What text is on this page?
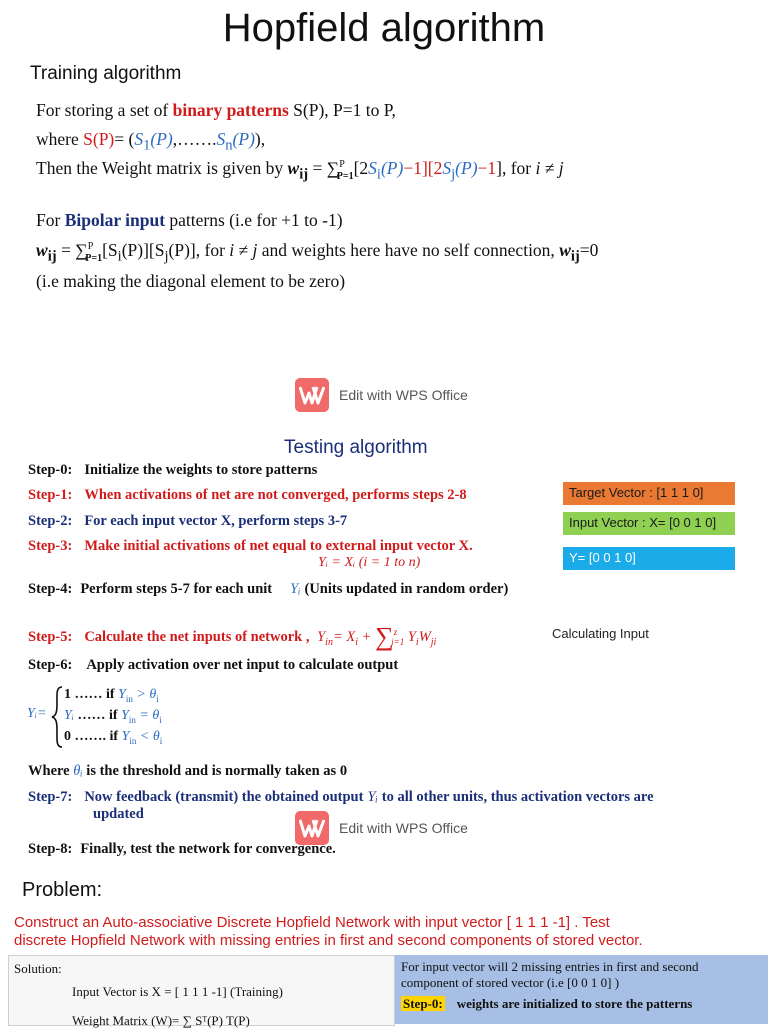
Hopfield algorithm
Training algorithm
For storing a set of binary patterns S(P), P=1 to P,
where $S(P)= (S_1(P),\dots\dots.S_n(P))$,
Then the Weight matrix is given by $w_{ij} = \sum^P_{P=1}[2S_i(P)-1][2S_j(P)-1]$, for i ≠ j
For Bipolar input patterns (i.e for +1 to -1)
$w_{ij} = \sum^P_{P=1}[S_i(P)][S_j(P)]$, for i ≠ j and weights here have no self connection, $w_{ij}=0$
(i.e making the diagonal element to be zero)
Edit with WPS Office
Testing algorithm
Step-0: Initialize the weights to store patterns
Step-1: When activations of net are not converged, performs steps 2-8
Step-2: For each input vector X, perform steps 3-7
Step-3: Make initial activations of net equal to external input vector X.
Yᵢ = Xᵢ (i = 1 to n)
Step-4: Perform steps 5-7 for each unit Yᵢ (Units updated in random order)
Step-5: Calculate the net inputs of network , $Y_{in}= X_i + \sum^z_{j=1}$ $Y_iW_{ji}$
Target Vector : [1 1 1 0]
Input Vector : X= [0 0 1 0]
Y= [0 0 1 0]
Calculating Input
Step-6: Apply activation over net input to calculate output
Yᵢ=
1 …… if $Y_{in} > \theta_i$
Yᵢ …… if $Y_{in} = \theta_i$
0 ……. if $Y_{in} < \theta_i$
Where θᵢ is the threshold and is normally taken as 0
Step-7: Now feedback (transmit) the obtained output Yᵢ to all other units, thus activation vectors are
updated
Edit with WPS Office
Step-8: Finally, test the network for convergence.
Problem:
Construct an Auto-associative Discrete Hopfield Network with input vector [ 1 1 1 -1] . Test
discrete Hopfield Network with missing entries in first and second components of stored vector.
Solution:
Input Vector is X = [ 1 1 1 -1] (Training)
Weight Matrix (W)= ∑ Sᵀ(P) T(P)
For input vector will 2 missing entries in first and second
component of stored vector (i.e [0 0 1 0] )
Step-0: weights are initialized to store the patterns
